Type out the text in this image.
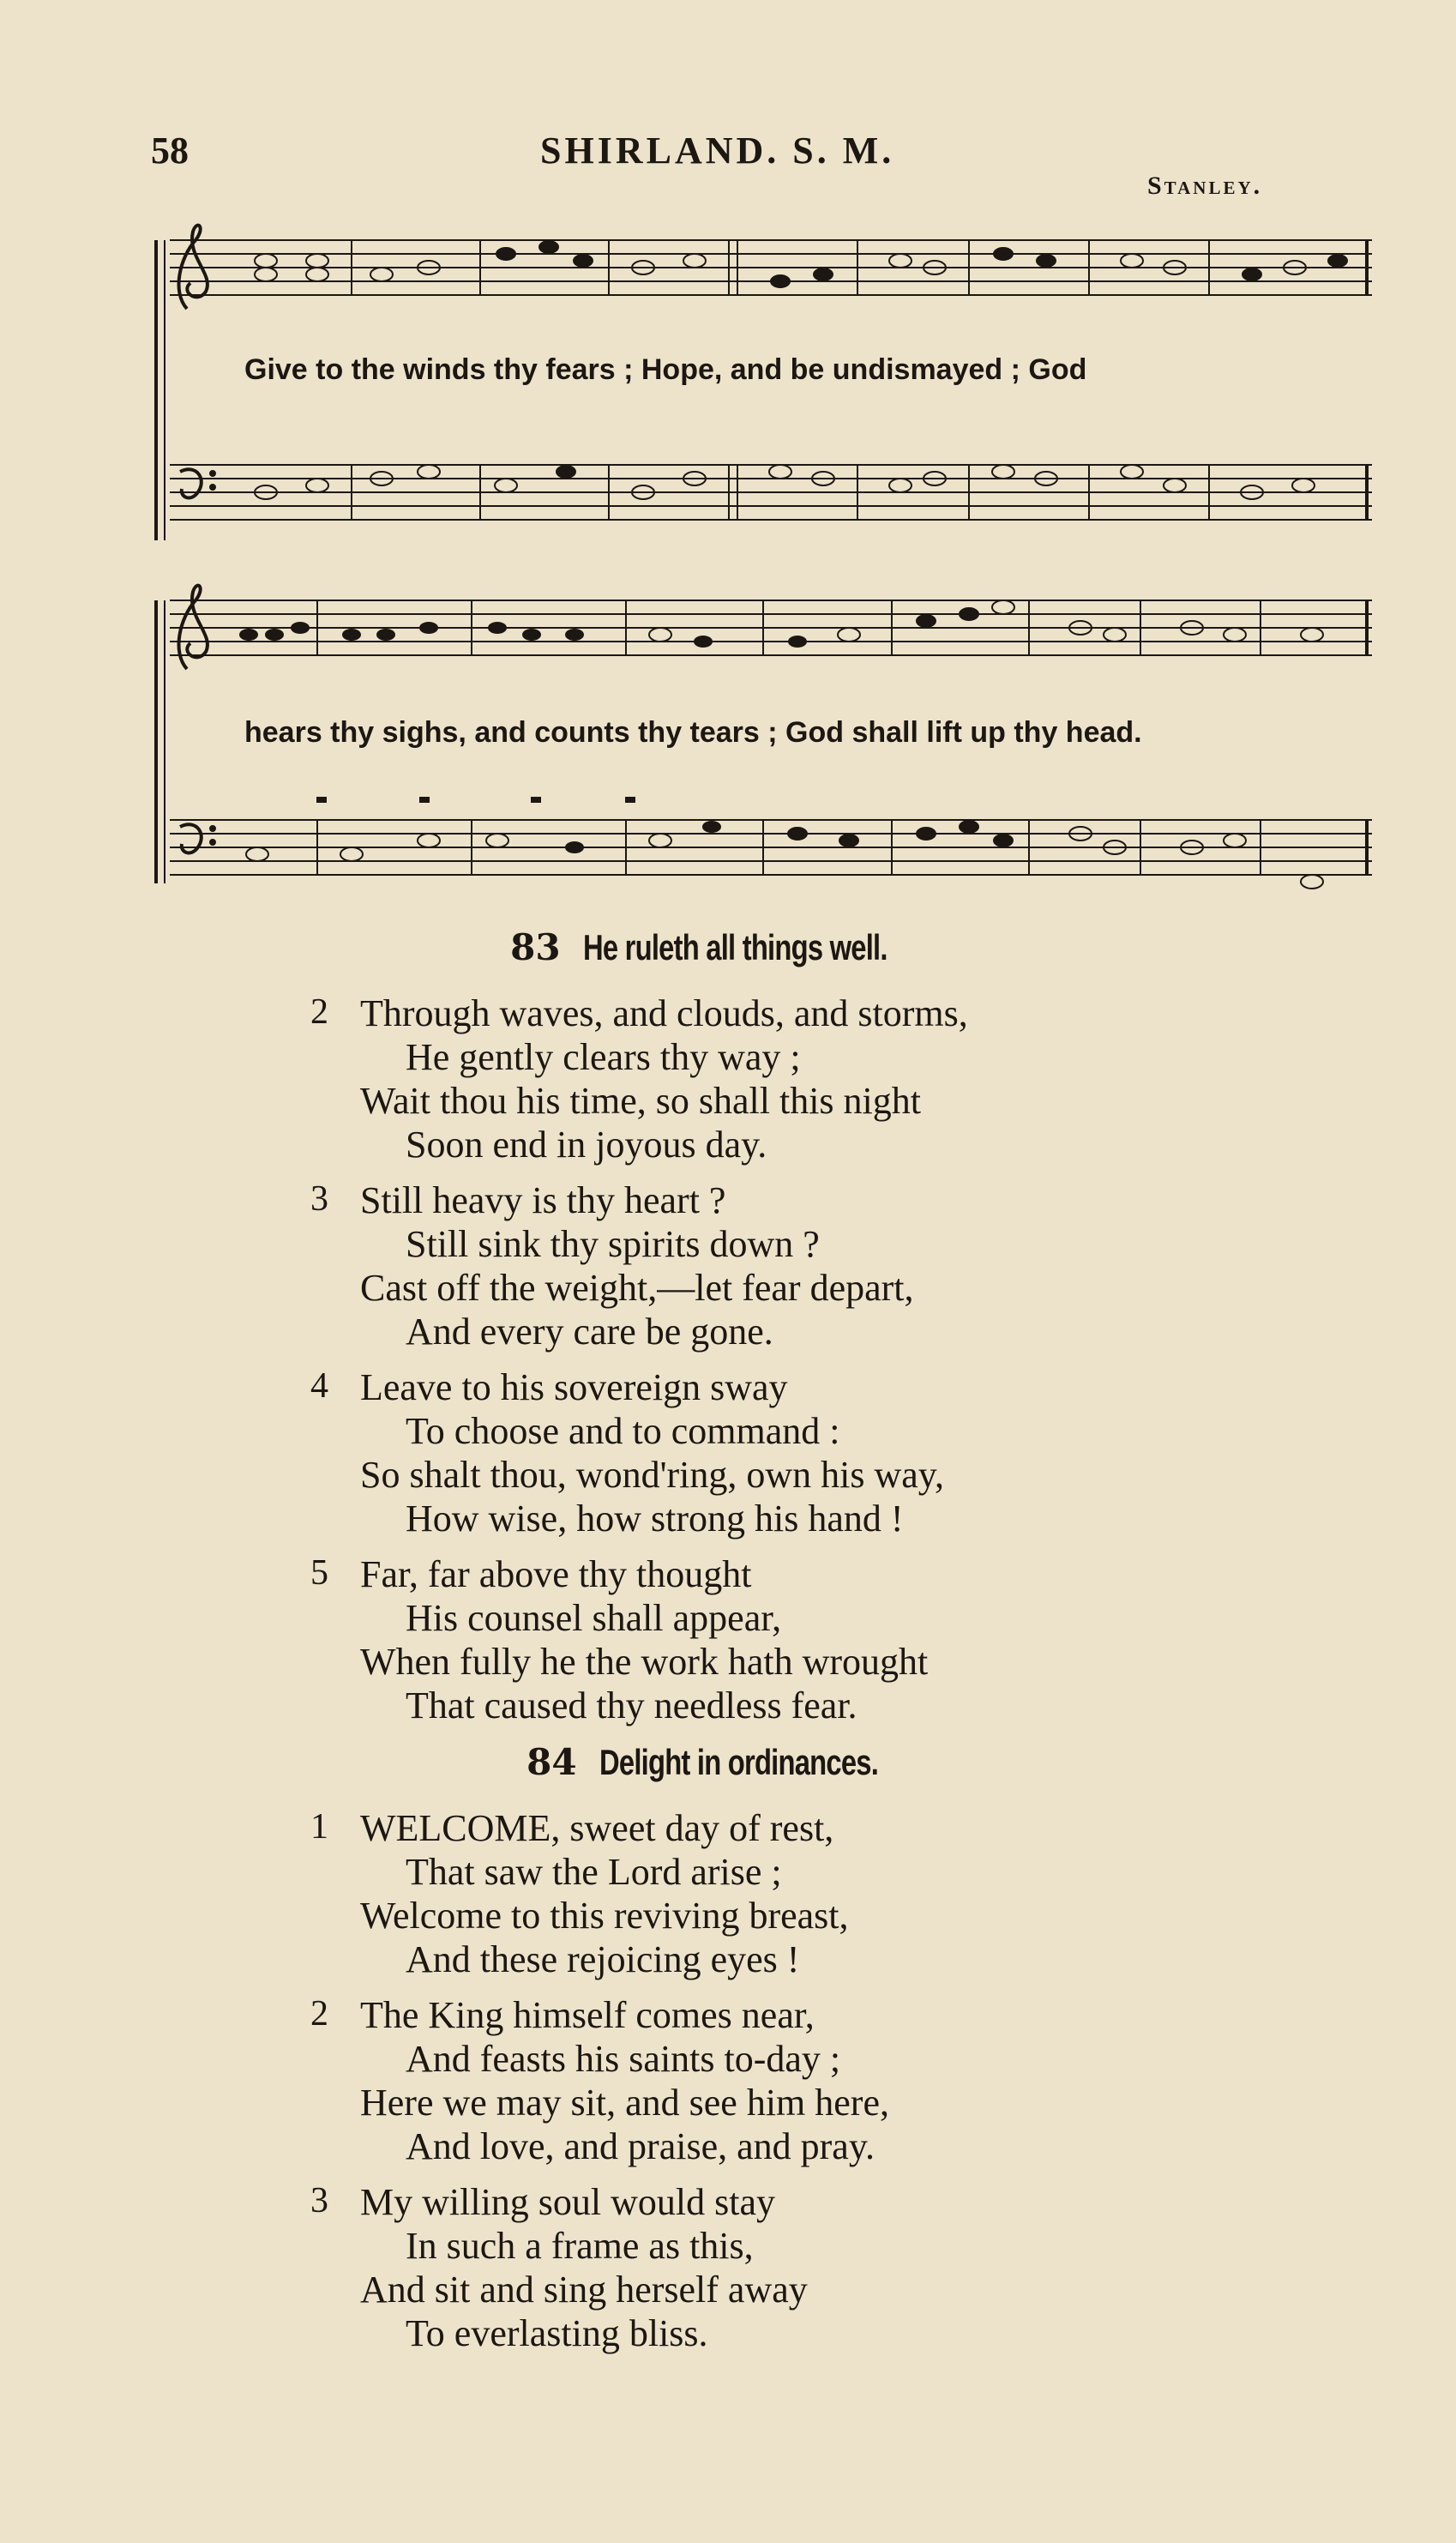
58	SHIRLAND. S. M.
Stanley.
Give to the winds thy fears ; Hope, and be undismayed ; God
hears thy sighs, and counts thy tears ; God shall lift up thy head.
83 He ruleth all things well.
2 Through waves, and clouds, and storms,
He gently clears thy way ;
Wait thou his time, so shall this night
Soon end in joyous day.
3 Still heavy is thy heart ?
Still sink thy spirits down ?
Cast off the weight,—let fear depart,
And every care be gone.
4 Leave to his sovereign sway
To choose and to command :
So shalt thou, wond'ring, own his way,
How wise, how strong his hand !
5 Far, far above thy thought
His counsel shall appear,
When fully he the work hath wrought
That caused thy needless fear.
84 Delight in ordinances.
1 WELCOME, sweet day of rest,
That saw the Lord arise ;
Welcome to this reviving breast,
And these rejoicing eyes !
2 The King himself comes near,
And feasts his saints to-day ;
Here we may sit, and see him here,
And love, and praise, and pray.
3 My willing soul would stay
In such a frame as this,
And sit and sing herself away
To everlasting bliss.
